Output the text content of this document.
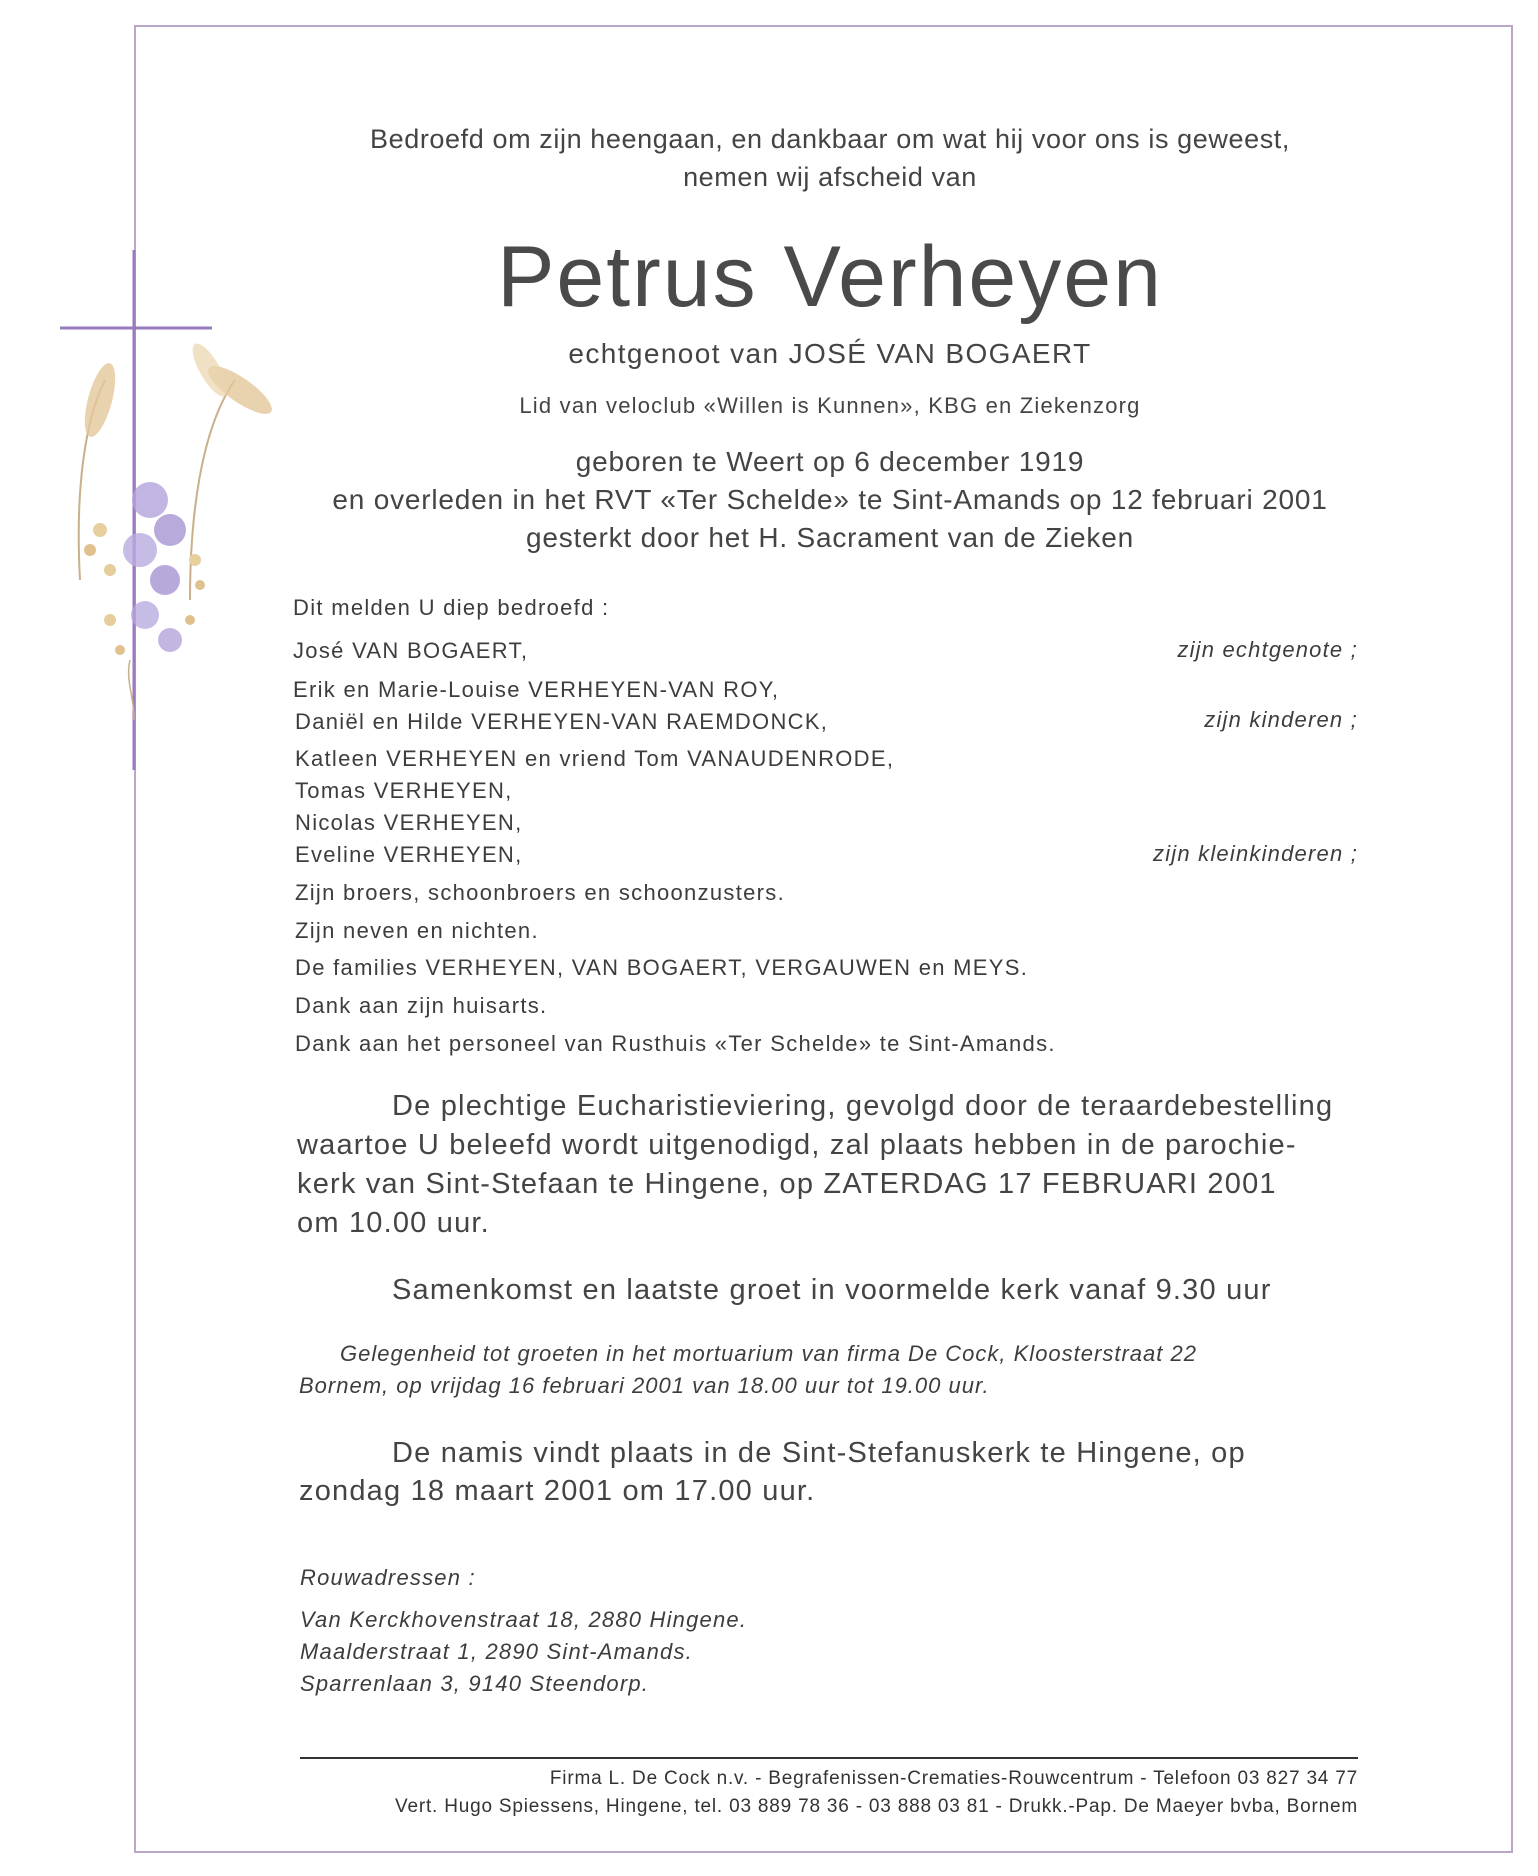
Bedroefd om zijn heengaan, en dankbaar om wat hij voor ons is geweest,
nemen wij afscheid van
Petrus Verheyen
echtgenoot van JOSÉ VAN BOGAERT
Lid van veloclub «Willen is Kunnen», KBG en Ziekenzorg
geboren te Weert op 6 december 1919
en overleden in het RVT «Ter Schelde» te Sint-Amands op 12 februari 2001
gesterkt door het H. Sacrament van de Zieken
Dit melden U diep bedroefd :
José VAN BOGAERT,
Erik en Marie-Louise VERHEYEN-VAN ROY,
Daniël en Hilde VERHEYEN-VAN RAEMDONCK,
Katleen VERHEYEN en vriend Tom VANAUDENRODE,
Tomas VERHEYEN,
Nicolas VERHEYEN,
Eveline VERHEYEN,
Zijn broers, schoonbroers en schoonzusters.
Zijn neven en nichten.
De families VERHEYEN, VAN BOGAERT, VERGAUWEN en MEYS.
Dank aan zijn huisarts.
Dank aan het personeel van Rusthuis «Ter Schelde» te Sint-Amands.
zijn echtgenote ;
zijn kinderen ;
zijn kleinkinderen ;
De plechtige Eucharistieviering, gevolgd door de teraardebestelling
waartoe U beleefd wordt uitgenodigd, zal plaats hebben in de parochie-
kerk van Sint-Stefaan te Hingene, op ZATERDAG 17 FEBRUARI 2001
om 10.00 uur.
Samenkomst en laatste groet in voormelde kerk vanaf 9.30 uur
Gelegenheid tot groeten in het mortuarium van firma De Cock, Kloosterstraat 22
Bornem, op vrijdag 16 februari 2001 van 18.00 uur tot 19.00 uur.
De namis vindt plaats in de Sint-Stefanuskerk te Hingene, op
zondag 18 maart 2001 om 17.00 uur.
Rouwadressen :
Van Kerckhovenstraat 18, 2880 Hingene.
Maalderstraat 1, 2890 Sint-Amands.
Sparrenlaan 3, 9140 Steendorp.
Firma L. De Cock n.v. - Begrafenissen-Crematies-Rouwcentrum - Telefoon 03 827 34 77
Vert. Hugo Spiessens, Hingene, tel. 03 889 78 36 - 03 888 03 81 - Drukk.-Pap. De Maeyer bvba, Bornem
